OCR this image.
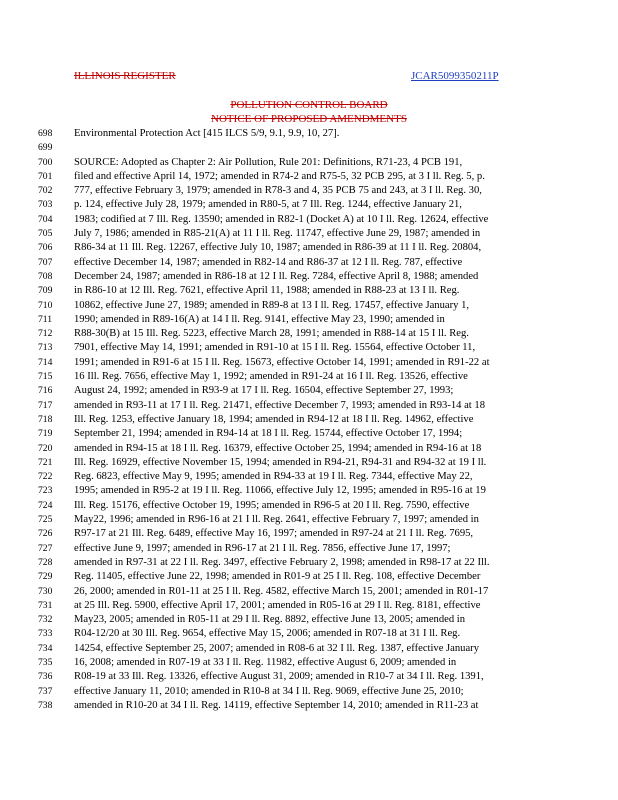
ILLINOIS REGISTER	JCAR5099350211P
POLLUTION CONTROL BOARD
NOTICE OF PROPOSED AMENDMENTS
698	Environmental Protection Act [415 ILCS 5/9, 9.1, 9.9, 10, 27].
699
700	SOURCE: Adopted as Chapter 2: Air Pollution, Rule 201: Definitions, R71-23, 4 PCB 191,
701	filed and effective April 14, 1972; amended in R74-2 and R75-5, 32 PCB 295, at 3 I ll. Reg. 5, p.
702	777, effective February 3, 1979; amended in R78-3 and 4, 35 PCB 75 and 243, at 3 I ll. Reg. 30,
703	p. 124, effective July 28, 1979; amended in R80-5, at 7 Ill. Reg. 1244, effective January 21,
704	1983; codified at 7 Ill. Reg. 13590; amended in R82-1 (Docket A) at 10 I ll. Reg. 12624, effective
705	July 7, 1986; amended in R85-21(A) at 11 I ll. Reg. 11747, effective June 29, 1987; amended in
706	R86-34 at 11 Ill. Reg. 12267, effective July 10, 1987; amended in R86-39 at 11 I ll. Reg. 20804,
707	effective December 14, 1987; amended in R82-14 and R86-37 at 12 I ll. Reg. 787, effective
708	December 24, 1987; amended in R86-18 at 12 I ll. Reg. 7284, effective April 8, 1988; amended
709	in R86-10 at 12 Ill. Reg. 7621, effective April 11, 1988; amended in R88-23 at 13 I ll. Reg.
710	10862, effective June 27, 1989; amended in R89-8 at 13 I ll. Reg. 17457, effective January 1,
711	1990; amended in R89-16(A) at 14 I ll. Reg. 9141, effective May 23, 1990; amended in
712	R88-30(B) at 15 Ill. Reg. 5223, effective March 28, 1991; amended in R88-14 at 15 I ll. Reg.
713	7901, effective May 14, 1991; amended in R91-10 at 15 I ll. Reg. 15564, effective October 11,
714	1991; amended in R91-6 at 15 I ll. Reg. 15673, effective October 14, 1991; amended in R91-22 at
715	16 Ill. Reg. 7656, effective May 1, 1992; amended in R91-24 at 16 I ll. Reg. 13526, effective
716	August 24, 1992; amended in R93-9 at 17 I ll. Reg. 16504, effective September 27, 1993;
717	amended in R93-11 at 17 I ll. Reg. 21471, effective December 7, 1993; amended in R93-14 at 18
718	Ill. Reg. 1253, effective January 18, 1994; amended in R94-12 at 18 I ll. Reg. 14962, effective
719	September 21, 1994; amended in R94-14 at 18 I ll. Reg. 15744, effective October 17, 1994;
720	amended in R94-15 at 18 I ll. Reg. 16379, effective October 25, 1994; amended in R94-16 at 18
721	Ill. Reg. 16929, effective November 15, 1994; amended in R94-21, R94-31 and R94-32 at 19 I ll.
722	Reg. 6823, effective May 9, 1995; amended in R94-33 at 19 I ll. Reg. 7344, effective May 22,
723	1995; amended in R95-2 at 19 I ll. Reg. 11066, effective July 12, 1995; amended in R95-16 at 19
724	Ill. Reg. 15176, effective October 19, 1995; amended in R96-5 at 20 I ll. Reg. 7590, effective
725	May22, 1996; amended in R96-16 at 21 I ll. Reg. 2641, effective February 7, 1997; amended in
726	R97-17 at 21 Ill. Reg. 6489, effective May 16, 1997; amended in R97-24 at 21 I ll. Reg. 7695,
727	effective June 9, 1997; amended in R96-17 at 21 I ll. Reg. 7856, effective June 17, 1997;
728	amended in R97-31 at 22 I ll. Reg. 3497, effective February 2, 1998; amended in R98-17 at 22 Ill.
729	Reg. 11405, effective June 22, 1998; amended in R01-9 at 25 I ll. Reg. 108, effective December
730	26, 2000; amended in R01-11 at 25 I ll. Reg. 4582, effective March 15, 2001; amended in R01-17
731	at 25 Ill. Reg. 5900, effective April 17, 2001; amended in R05-16 at 29 I ll. Reg. 8181, effective
732	May23, 2005; amended in R05-11 at 29 I ll. Reg. 8892, effective June 13, 2005; amended in
733	R04-12/20 at 30 Ill. Reg. 9654, effective May 15, 2006; amended in R07-18 at 31 I ll. Reg.
734	14254, effective September 25, 2007; amended in R08-6 at 32 I ll. Reg. 1387, effective January
735	16, 2008; amended in R07-19 at 33 I ll. Reg. 11982, effective August 6, 2009; amended in
736	R08-19 at 33 Ill. Reg. 13326, effective August 31, 2009; amended in R10-7 at 34 I ll. Reg. 1391,
737	effective January 11, 2010; amended in R10-8 at 34 I ll. Reg. 9069, effective June 25, 2010;
738	amended in R10-20 at 34 I ll. Reg. 14119, effective September 14, 2010; amended in R11-23 at
